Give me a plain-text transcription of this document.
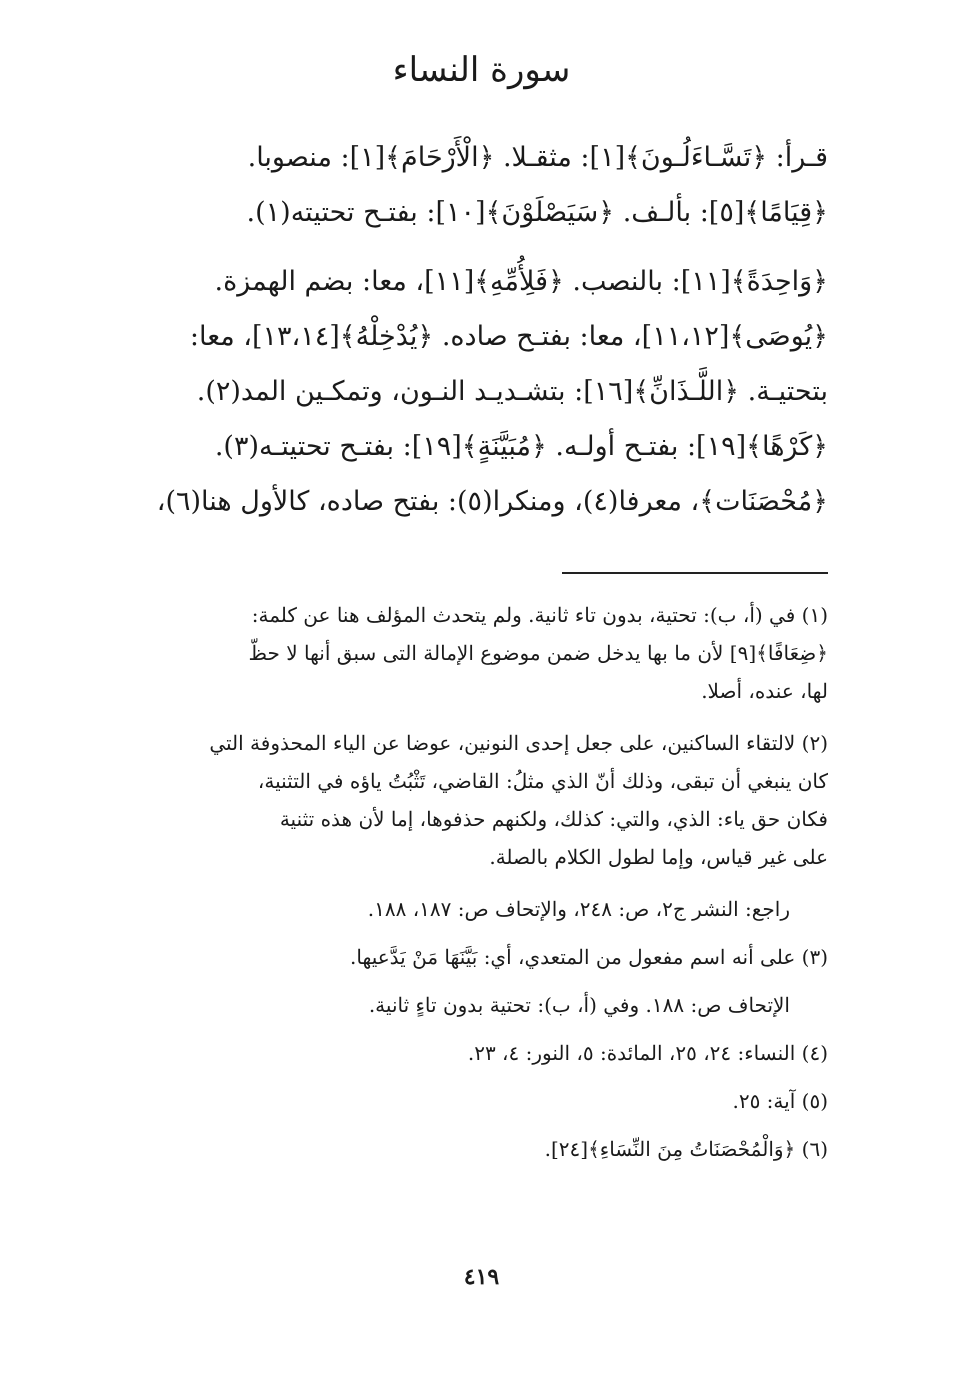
سورة النساء

قـرأ: ﴿تَسَّـاءَلُـونَ﴾[١]: مثقـلا. ﴿الْأَرْحَامَ﴾[١]: منصوبا.
﴿قِيَامًا﴾[٥]: بألـف. ﴿سَيَصْلَوْنَ﴾[١٠]: بفتـح تحتيته(١).

﴿وَاحِدَةً﴾[١١]: بالنصب. ﴿فَلِأُمِّهِ﴾[١١]، معا: بضم الهمزة.
﴿يُوصَى﴾[١١،١٢]، معا: بفتـح صاده. ﴿يُدْخِلْهُ﴾[١٣،١٤]، معا:
بتحتيـة. ﴿اللَّـذَانِّ﴾[١٦]: بتشـديـد النـون، وتمكـين المد(٢).
﴿كَرْهًا﴾[١٩]: بفتـح أولـه. ﴿مُبَيَّنَةٍ﴾[١٩]: بفتـح تحتيتـه(٣).
﴿مُحْصَنَات﴾، معرفا(٤)، ومنكرا(٥): بفتح صاده، كالأول هنا(٦)،

(١) في (أ، ب): تحتية، بدون تاء ثانية. ولم يتحدث المؤلف هنا عن كلمة:
﴿ضِعَافًا﴾[٩] لأن ما بها يدخل ضمن موضوع الإمالة التى سبق أنها لا حظّ
لها، عنده، أصلا.
(٢) لالتقاء الساكنين، على جعل إحدى النونين، عوضا عن الياء المحذوفة التي
كان ينبغي أن تبقى، وذلك أنّ الذي مثلُ: القاضي، تَثْبُتُ ياؤه في التثنية،
فكان حق ياء: الذي، والتي: كذلك، ولكنهم حذفوها، إما لأن هذه تثنية
على غير قياس، وإما لطول الكلام بالصلة.
راجع: النشر ج٢، ص: ٢٤٨، والإتحاف ص: ١٨٧، ١٨٨.
(٣) على أنه اسم مفعول من المتعدي، أي: بَيَّنَهَا مَنْ يَدَّعيها.
الإتحاف ص: ١٨٨. وفي (أ، ب): تحتية بدون تاءٍ ثانية.
(٤) النساء: ٢٤، ٢٥، المائدة: ٥، النور: ٤، ٢٣.
(٥) آية: ٢٥.
(٦) ﴿وَالْمُحْصَنَاتُ مِنَ النِّسَاءِ﴾[٢٤].
٤١٩
